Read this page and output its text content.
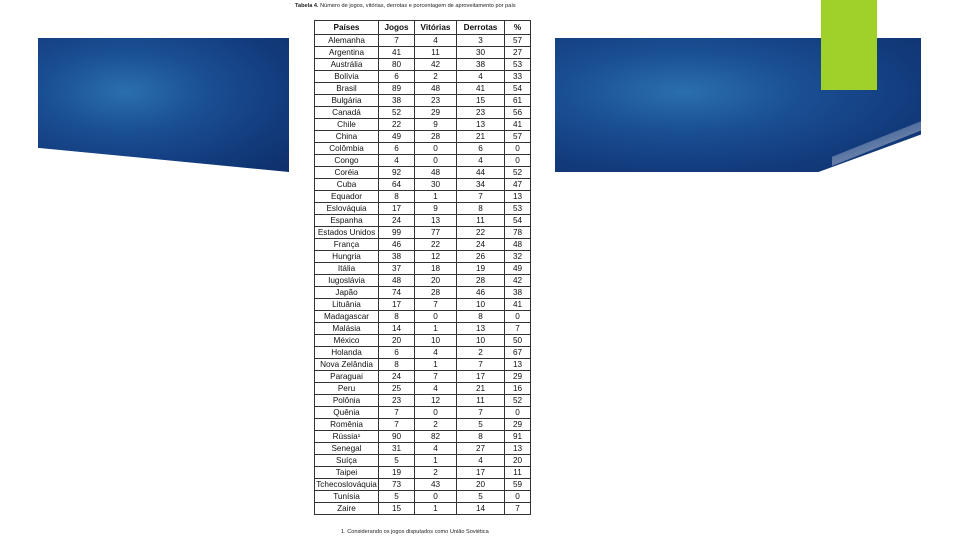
Tabela 4. Número de jogos, vitórias, derrotas e porcentagem de aproveitamento por país
Países	Jogos	Vitórias	Derrotas	%
Alemanha	7	4	3	57
Argentina	41	11	30	27
Austrália	80	42	38	53
Bolívia	6	2	4	33
Brasil	89	48	41	54
Bulgária	38	23	15	61
Canadá	52	29	23	56
Chile	22	9	13	41
China	49	28	21	57
Colômbia	6	0	6	0
Congo	4	0	4	0
Coréia	92	48	44	52
Cuba	64	30	34	47
Equador	8	1	7	13
Eslováquia	17	9	8	53
Espanha	24	13	11	54
Estados Unidos	99	77	22	78
França	46	22	24	48
Hungria	38	12	26	32
Itália	37	18	19	49
Iugoslávia	48	20	28	42
Japão	74	28	46	38
Lituânia	17	7	10	41
Madagascar	8	0	8	0
Malásia	14	1	13	7
México	20	10	10	50
Holanda	6	4	2	67
Nova Zelândia	8	1	7	13
Paraguai	24	7	17	29
Peru	25	4	21	16
Polônia	23	12	11	52
Quênia	7	0	7	0
Romênia	7	2	5	29
Rússia¹	90	82	8	91
Senegal	31	4	27	13
Suíça	5	1	4	20
Taipei	19	2	17	11
Tchecoslováquia	73	43	20	59
Tunísia	5	0	5	0
Zaire	15	1	14	7
1. Considerando os jogos disputados como União Soviética
